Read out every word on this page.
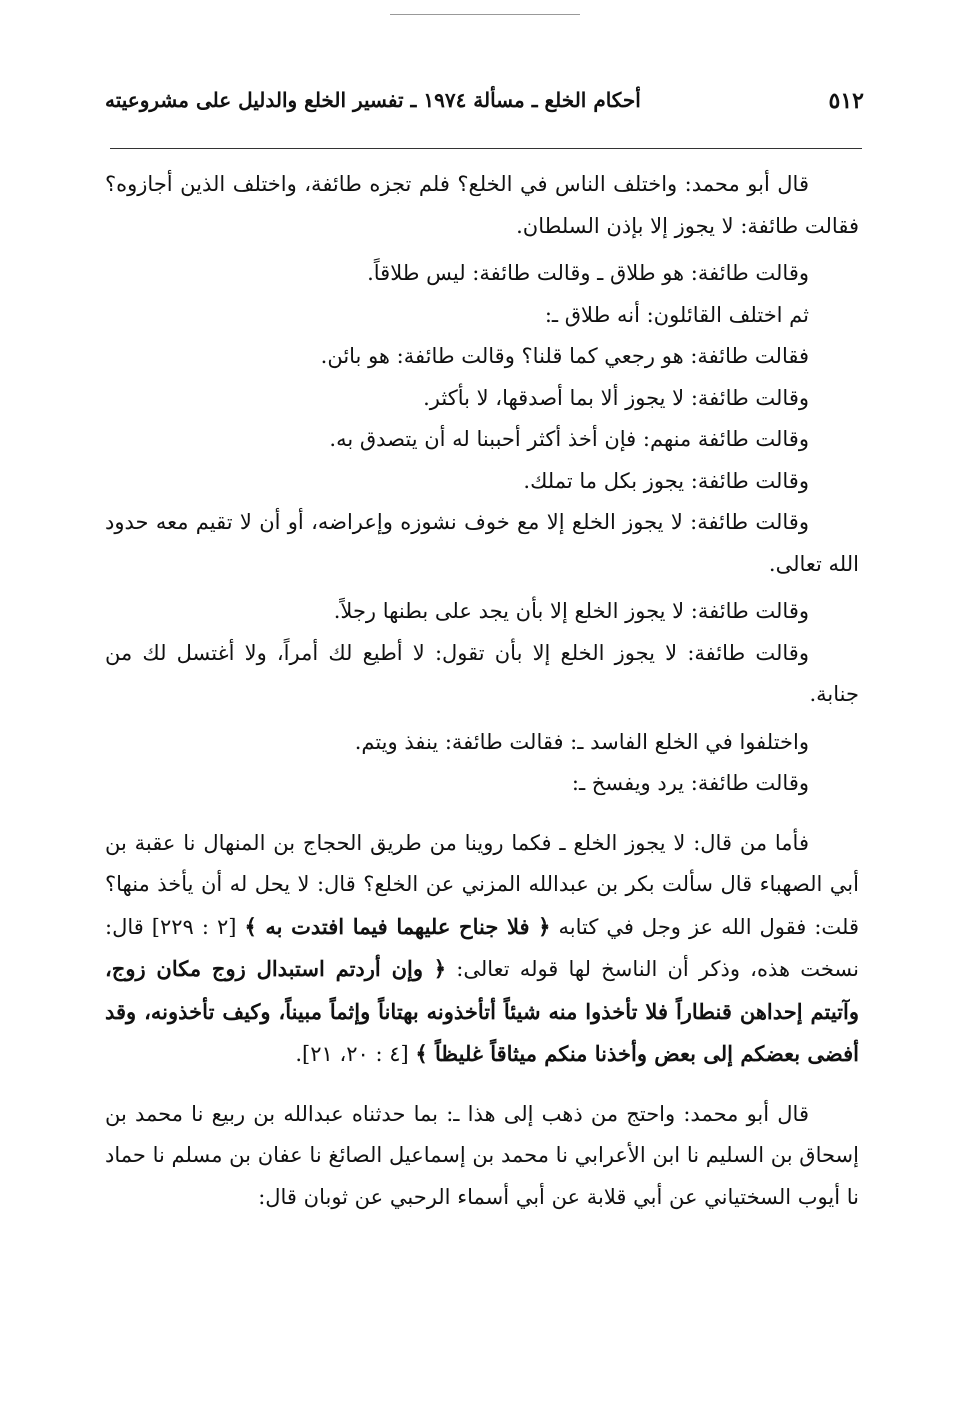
٥١٢
أحكام الخلع ـ مسألة ١٩٧٤ ـ تفسير الخلع والدليل على مشروعيته

قال أبو محمد: واختلف الناس في الخلع؟ فلم تجزه طائفة، واختلف الذين أجازوه؟ فقالت طائفة: لا يجوز إلا بإذن السلطان.

وقالت طائفة: هو طلاق ـ وقالت طائفة: ليس طلاقاً.

ثم اختلف القائلون: أنه طلاق ـ:

فقالت طائفة: هو رجعي كما قلنا؟ وقالت طائفة: هو بائن.

وقالت طائفة: لا يجوز ألا بما أصدقها، لا بأكثر.

وقالت طائفة منهم: فإن أخذ أكثر أحببنا له أن يتصدق به.

وقالت طائفة: يجوز بكل ما تملك.

وقالت طائفة: لا يجوز الخلع إلا مع خوف نشوزه وإعراضه، أو أن لا تقيم معه حدود الله تعالى.

وقالت طائفة: لا يجوز الخلع إلا بأن يجد على بطنها رجلاً.

وقالت طائفة: لا يجوز الخلع إلا بأن تقول: لا أطيع لك أمراً، ولا أغتسل لك من جنابة.

واختلفوا في الخلع الفاسد ـ: فقالت طائفة: ينفذ ويتم.

وقالت طائفة: يرد ويفسخ ـ:

فأما من قال: لا يجوز الخلع ـ فكما روينا من طريق الحجاج بن المنهال نا عقبة بن أبي الصهباء قال سألت بكر بن عبدالله المزني عن الخلع؟ قال: لا يحل له أن يأخذ منها؟ قلت: فقول الله عز وجل في كتابه ﴿ فلا جناح عليهما فيما افتدت به ﴾ [٢ : ٢٢٩] قال: نسخت هذه، وذكر أن الناسخ لها قوله تعالى: ﴿ وإن أردتم استبدال زوج مكان زوج، وآتيتم إحداهن قنطاراً فلا تأخذوا منه شيئاً أتأخذونه بهتاناً وإثماً مبيناً، وكيف تأخذونه، وقد أفضى بعضكم إلى بعض وأخذنا منكم ميثاقاً غليظاً ﴾ [٤ : ٢٠، ٢١].

قال أبو محمد: واحتج من ذهب إلى هذا ـ: بما حدثناه عبدالله بن ربيع نا محمد بن إسحاق بن السليم نا ابن الأعرابي نا محمد بن إسماعيل الصائغ نا عفان بن مسلم نا حماد نا أيوب السختياني عن أبي قلابة عن أبي أسماء الرحبي عن ثوبان قال:
